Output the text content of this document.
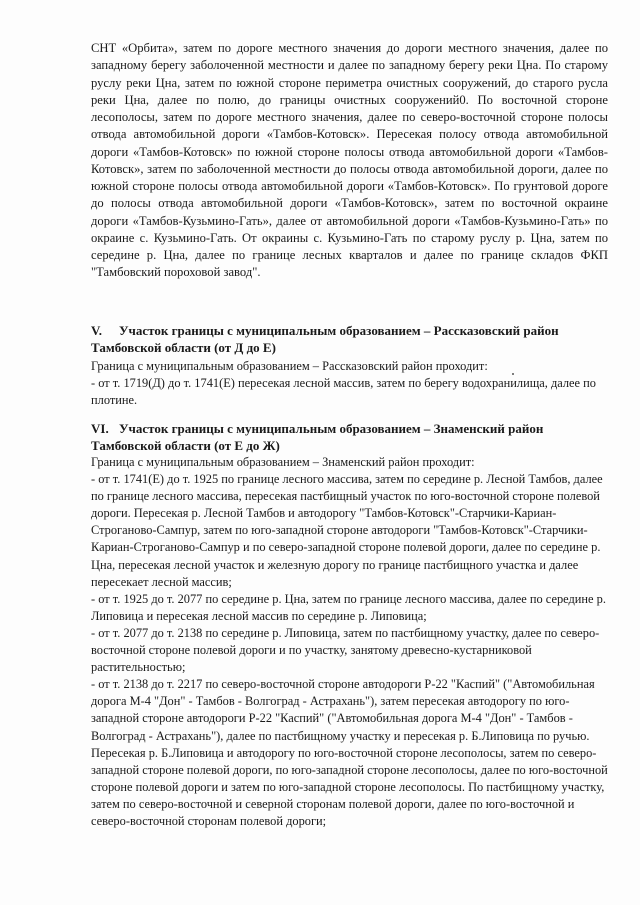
СНТ «Орбита», затем по дороге местного значения до дороги местного значения, далее по западному берегу заболоченной местности и далее по западному берегу реки Цна. По старому руслу реки Цна, затем по южной стороне периметра очистных сооружений, до старого русла реки Цна, далее по полю, до границы очистных сооружений0. По восточной стороне лесополосы, затем по дороге местного значения, далее по северо-восточной стороне полосы отвода автомобильной дороги «Тамбов-Котовск». Пересекая полосу отвода автомобильной дороги «Тамбов-Котовск» по южной стороне полосы отвода автомобильной дороги «Тамбов-Котовск», затем по заболоченной местности до полосы отвода автомобильной дороги, далее по южной стороне полосы отвода автомобильной дороги «Тамбов-Котовск». По грунтовой дороге до полосы отвода автомобильной дороги «Тамбов-Котовск», затем по восточной окраине дороги «Тамбов-Кузьмино-Гать», далее от автомобильной дороги «Тамбов-Кузьмино-Гать» по окраине с. Кузьмино-Гать. От окраины с. Кузьмино-Гать по старому руслу р. Цна, затем по середине р. Цна, далее по границе лесных кварталов и далее по границе складов ФКП "Тамбовский пороховой завод".

V. Участок границы с муниципальным образованием – Рассказовский район Тамбовской области (от Д до Е)

Граница с муниципальным образованием – Рассказовский район проходит:

- от т. 1719(Д) до т. 1741(Е) пересекая лесной массив, затем по берегу водохранилища, далее по плотине.

VI. Участок границы с муниципальным образованием – Знаменский район Тамбовской области (от Е до Ж)

Граница с муниципальным образованием – Знаменский район проходит:

- от т. 1741(Е) до т. 1925 по границе лесного массива, затем по середине р. Лесной Тамбов, далее по границе лесного массива, пересекая пастбищный участок по юго-восточной стороне полевой дороги. Пересекая р. Лесной Тамбов и автодорогу "Тамбов-Котовск"-Старчики-Кариан-Строганово-Сампур, затем по юго-западной стороне автодороги "Тамбов-Котовск"-Старчики-Кариан-Строганово-Сампур и по северо-западной стороне полевой дороги, далее по середине р. Цна, пересекая лесной участок и железную дорогу по границе пастбищного участка и далее пересекает лесной массив;

- от т. 1925 до т. 2077 по середине р. Цна, затем по границе лесного массива, далее по середине р. Липовица и пересекая лесной массив по середине р. Липовица;

- от т. 2077 до т. 2138 по середине р. Липовица, затем по пастбищному участку, далее по северо-восточной стороне полевой дороги и по участку, занятому древесно-кустарниковой растительностью;

- от т. 2138 до т. 2217 по северо-восточной стороне автодороги Р-22 "Каспий" ("Автомобильная дорога М-4 "Дон" - Тамбов - Волгоград - Астрахань"), затем пересекая автодорогу по юго-западной стороне автодороги Р-22 "Каспий" ("Автомобильная дорога М-4 "Дон" - Тамбов - Волгоград - Астрахань"), далее по пастбищному участку и пересекая р. Б.Липовица по ручью. Пересекая р. Б.Липовица и автодорогу по юго-восточной стороне лесополосы, затем по северо-западной стороне полевой дороги, по юго-западной стороне лесополосы, далее по юго-восточной стороне полевой дороги и затем по юго-западной стороне лесополосы. По пастбищному участку, затем по северо-восточной и северной сторонам полевой дороги, далее по юго-восточной и северо-восточной сторонам полевой дороги;
